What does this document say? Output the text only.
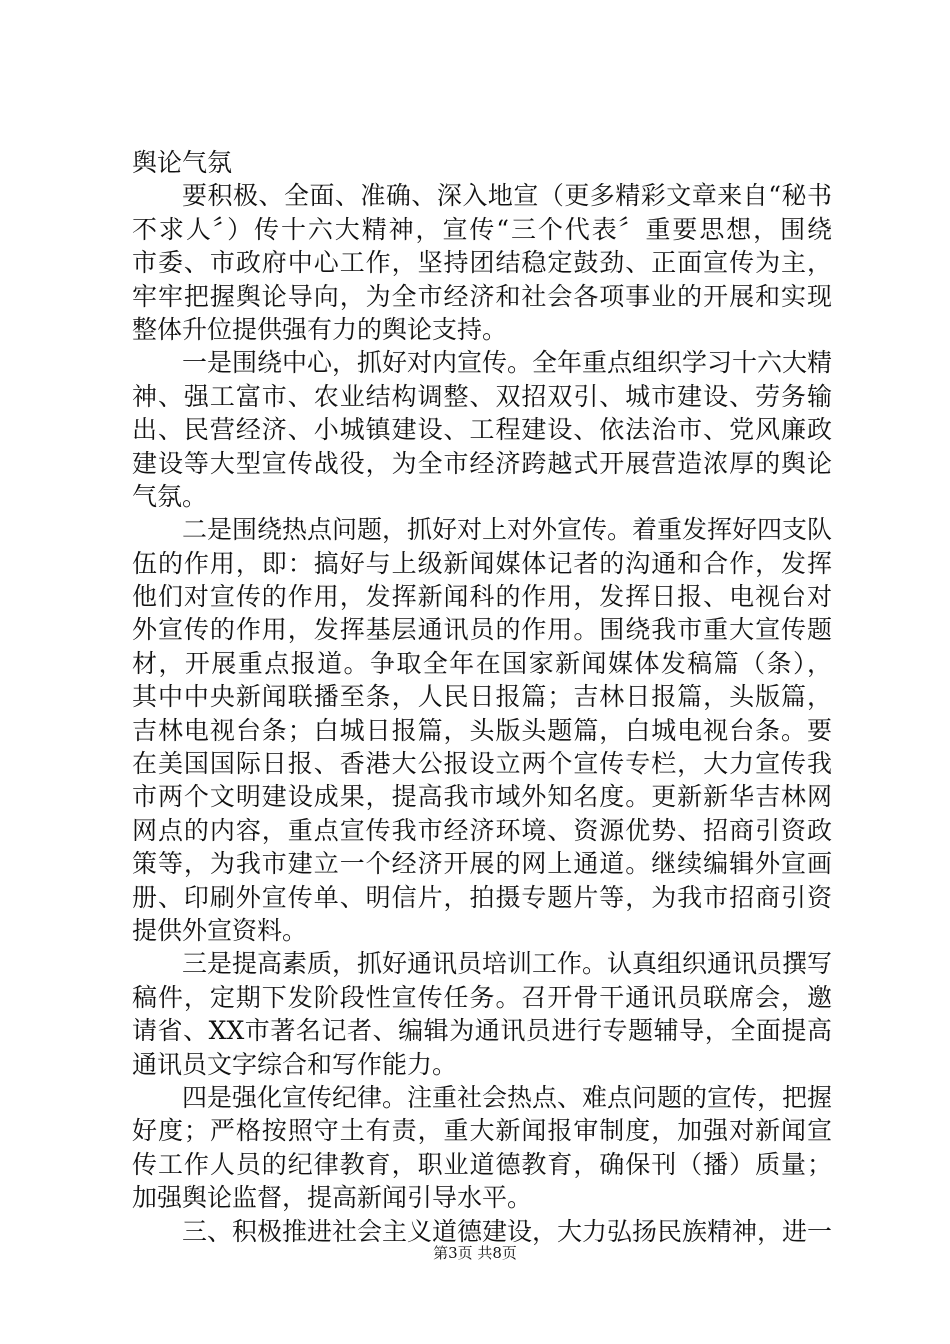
舆论气氛
要积极、全面、准确、深入地宣（更多精彩文章来自“秘书
不求人〞）传十六大精神，宣传“三个代表〞重要思想，围绕
市委、市政府中心工作，坚持团结稳定鼓劲、正面宣传为主，
牢牢把握舆论导向，为全市经济和社会各项事业的开展和实现
整体升位提供强有力的舆论支持。
一是围绕中心，抓好对内宣传。全年重点组织学习十六大精
神、强工富市、农业结构调整、双招双引、城市建设、劳务输
出、民营经济、小城镇建设、工程建设、依法治市、党风廉政
建设等大型宣传战役，为全市经济跨越式开展营造浓厚的舆论
气氛。
二是围绕热点问题，抓好对上对外宣传。着重发挥好四支队
伍的作用，即：搞好与上级新闻媒体记者的沟通和合作，发挥
他们对宣传的作用，发挥新闻科的作用，发挥日报、电视台对
外宣传的作用，发挥基层通讯员的作用。围绕我市重大宣传题
材，开展重点报道。争取全年在国家新闻媒体发稿篇（条），
其中中央新闻联播至条，人民日报篇；吉林日报篇，头版篇，
吉林电视台条；白城日报篇，头版头题篇，白城电视台条。要
在美国国际日报、香港大公报设立两个宣传专栏，大力宣传我
市两个文明建设成果，提高我市域外知名度。更新新华吉林网
网点的内容，重点宣传我市经济环境、资源优势、招商引资政
策等，为我市建立一个经济开展的网上通道。继续编辑外宣画
册、印刷外宣传单、明信片，拍摄专题片等，为我市招商引资
提供外宣资料。
三是提高素质，抓好通讯员培训工作。认真组织通讯员撰写
稿件，定期下发阶段性宣传任务。召开骨干通讯员联席会，邀
请省、XX市著名记者、编辑为通讯员进行专题辅导，全面提高
通讯员文字综合和写作能力。
四是强化宣传纪律。注重社会热点、难点问题的宣传，把握
好度；严格按照守土有责，重大新闻报审制度，加强对新闻宣
传工作人员的纪律教育，职业道德教育，确保刊（播）质量；
加强舆论监督，提高新闻引导水平。
三、积极推进社会主义道德建设，大力弘扬民族精神，进一
第3页 共8页
